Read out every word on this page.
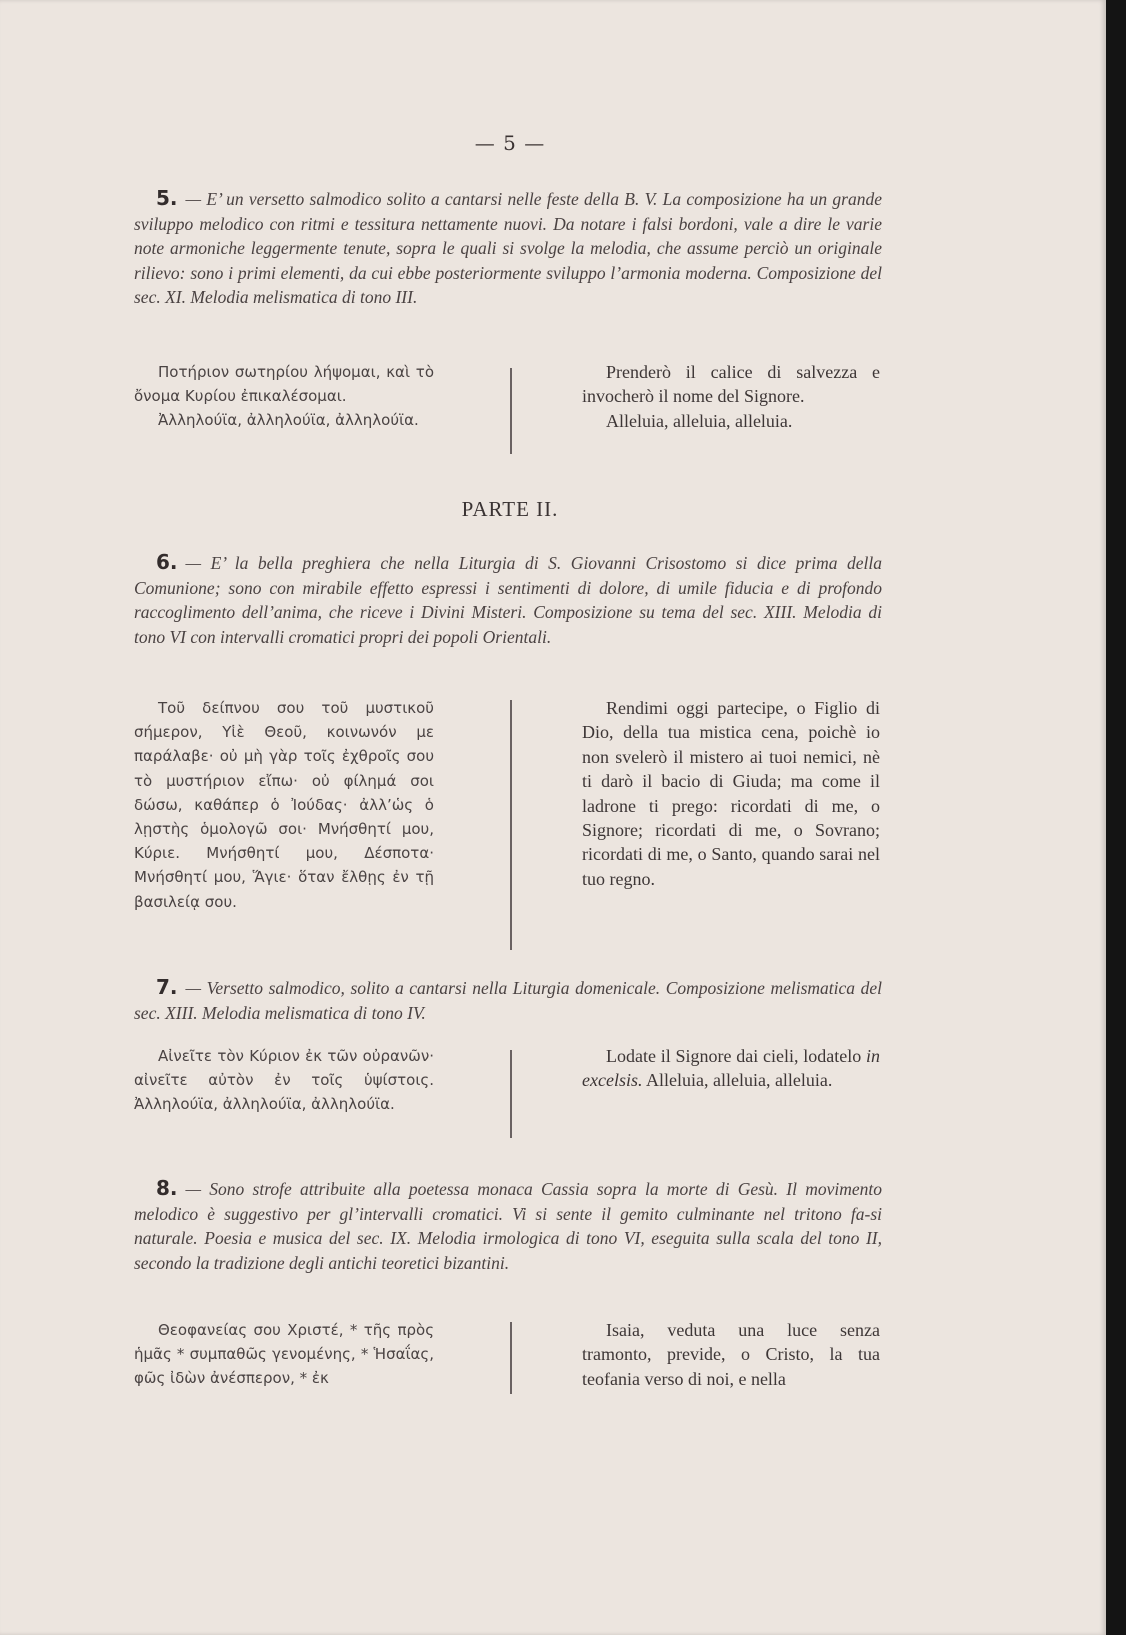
— 5 —

5. — E’ un versetto salmodico solito a cantarsi nelle feste della B. V. La composizione ha un grande sviluppo melodico con ritmi e tessitura nettamente nuovi. Da notare i falsi bordoni, vale a dire le varie note armoniche leggermente tenute, sopra le quali si svolge la melodia, che assume perciò un originale rilievo: sono i primi elementi, da cui ebbe posteriormente sviluppo l’armonia moderna. Composizione del sec. XI. Melodia melismatica di tono III.

Ποτήριον σωτηρίου λήψομαι, καὶ τὸ ὄνομα Κυρίου ἐπικαλέσομαι.
Ἀλληλούϊα, ἀλληλούϊα, ἀλληλούϊα.
Prenderò il calice di salvezza e invocherò il nome del Signore.
Alleluia, alleluia, alleluia.
PARTE II.

6. — E’ la bella preghiera che nella Liturgia di S. Giovanni Crisostomo si dice prima della Comunione; sono con mirabile effetto espressi i sentimenti di dolore, di umile fiducia e di profondo raccoglimento dell’anima, che riceve i Divini Misteri. Composizione su tema del sec. XIII. Melodia di tono VI con intervalli cromatici propri dei popoli Orientali.

Τοῦ δείπνου σου τοῦ μυστικοῦ σήμερον, Υἱὲ Θεοῦ, κοινωνόν με παράλαβε· οὐ μὴ γὰρ τοῖς ἐχθροῖς σου τὸ μυστήριον εἴπω· οὐ φίλημά σοι δώσω, καθάπερ ὁ Ἰούδας· ἀλλ’ὡς ὁ λῃστὴς ὁμολογῶ σοι· Μνήσθητί μου, Κύριε. Μνήσθητί μου, Δέσποτα· Μνήσθητί μου, Ἅγιε· ὅταν ἔλθῃς ἐν τῇ βασιλείᾳ σου.
Rendimi oggi partecipe, o Figlio di Dio, della tua mistica cena, poichè io non svelerò il mistero ai tuoi nemici, nè ti darò il bacio di Giuda; ma come il ladrone ti prego: ricordati di me, o Signore; ricordati di me, o Sovrano; ricordati di me, o Santo, quando sarai nel tuo regno.

7. — Versetto salmodico, solito a cantarsi nella Liturgia domenicale. Composizione melismatica del sec. XIII. Melodia melismatica di tono IV.

Αἰνεῖτε τὸν Κύριον ἐκ τῶν οὐρανῶν· αἰνεῖτε αὐτὸν ἐν τοῖς ὑψίστοις. Ἀλληλούϊα, ἀλληλούϊα, ἀλληλούϊα.
Lodate il Signore dai cieli, lodatelo in excelsis. Alleluia, alleluia, alleluia.

8. — Sono strofe attribuite alla poetessa monaca Cassia sopra la morte di Gesù. Il movimento melodico è suggestivo per gl’intervalli cromatici. Vi si sente il gemito culminante nel tritono fa-si naturale. Poesia e musica del sec. IX. Melodia irmologica di tono VI, eseguita sulla scala del tono II, secondo la tradizione degli antichi teoretici bizantini.

Θεοφανείας σου Χριστέ, * τῆς πρὸς ἡμᾶς * συμπαθῶς γενομένης, * Ἡσαΐας, φῶς ἰδὼν ἀνέσπερον, * ἐκ
Isaia, veduta una luce senza tramonto, previde, o Cristo, la tua teofania verso di noi, e nella
